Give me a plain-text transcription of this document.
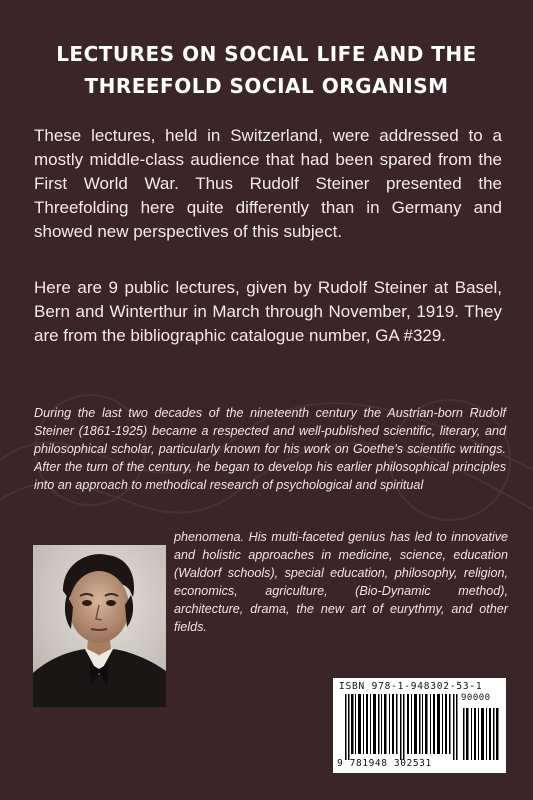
LECTURES ON SOCIAL LIFE AND THE
THREEFOLD SOCIAL ORGANISM
These lectures, held in Switzerland, were addressed to a mostly middle-class audience that had been spared from the First World War. Thus Rudolf Steiner presented the Threefolding here quite differently than in Germany and showed new perspectives of this subject.
Here are 9 public lectures, given by Rudolf Steiner at Basel, Bern and Winterthur in March through November, 1919. They are from the bibliographic catalogue number, GA #329.
During the last two decades of the nineteenth century the Austrian-born Rudolf Steiner (1861-1925) became a respected and well-published scientific, literary, and philosophical scholar, particularly known for his work on Goethe's scientific writings. After the turn of the century, he began to develop his earlier philosophical principles into an approach to methodical research of psychological and spiritual
phenomena. His multi-faceted genius has led to innovative and holistic approaches in medicine, science, education (Waldorf schools), special education, philosophy, religion, economics, agriculture, (Bio-Dynamic method), architecture, drama, the new art of eurythmy, and other fields.
ISBN 978-1-948302-53-1
90000
9 781948 302531
